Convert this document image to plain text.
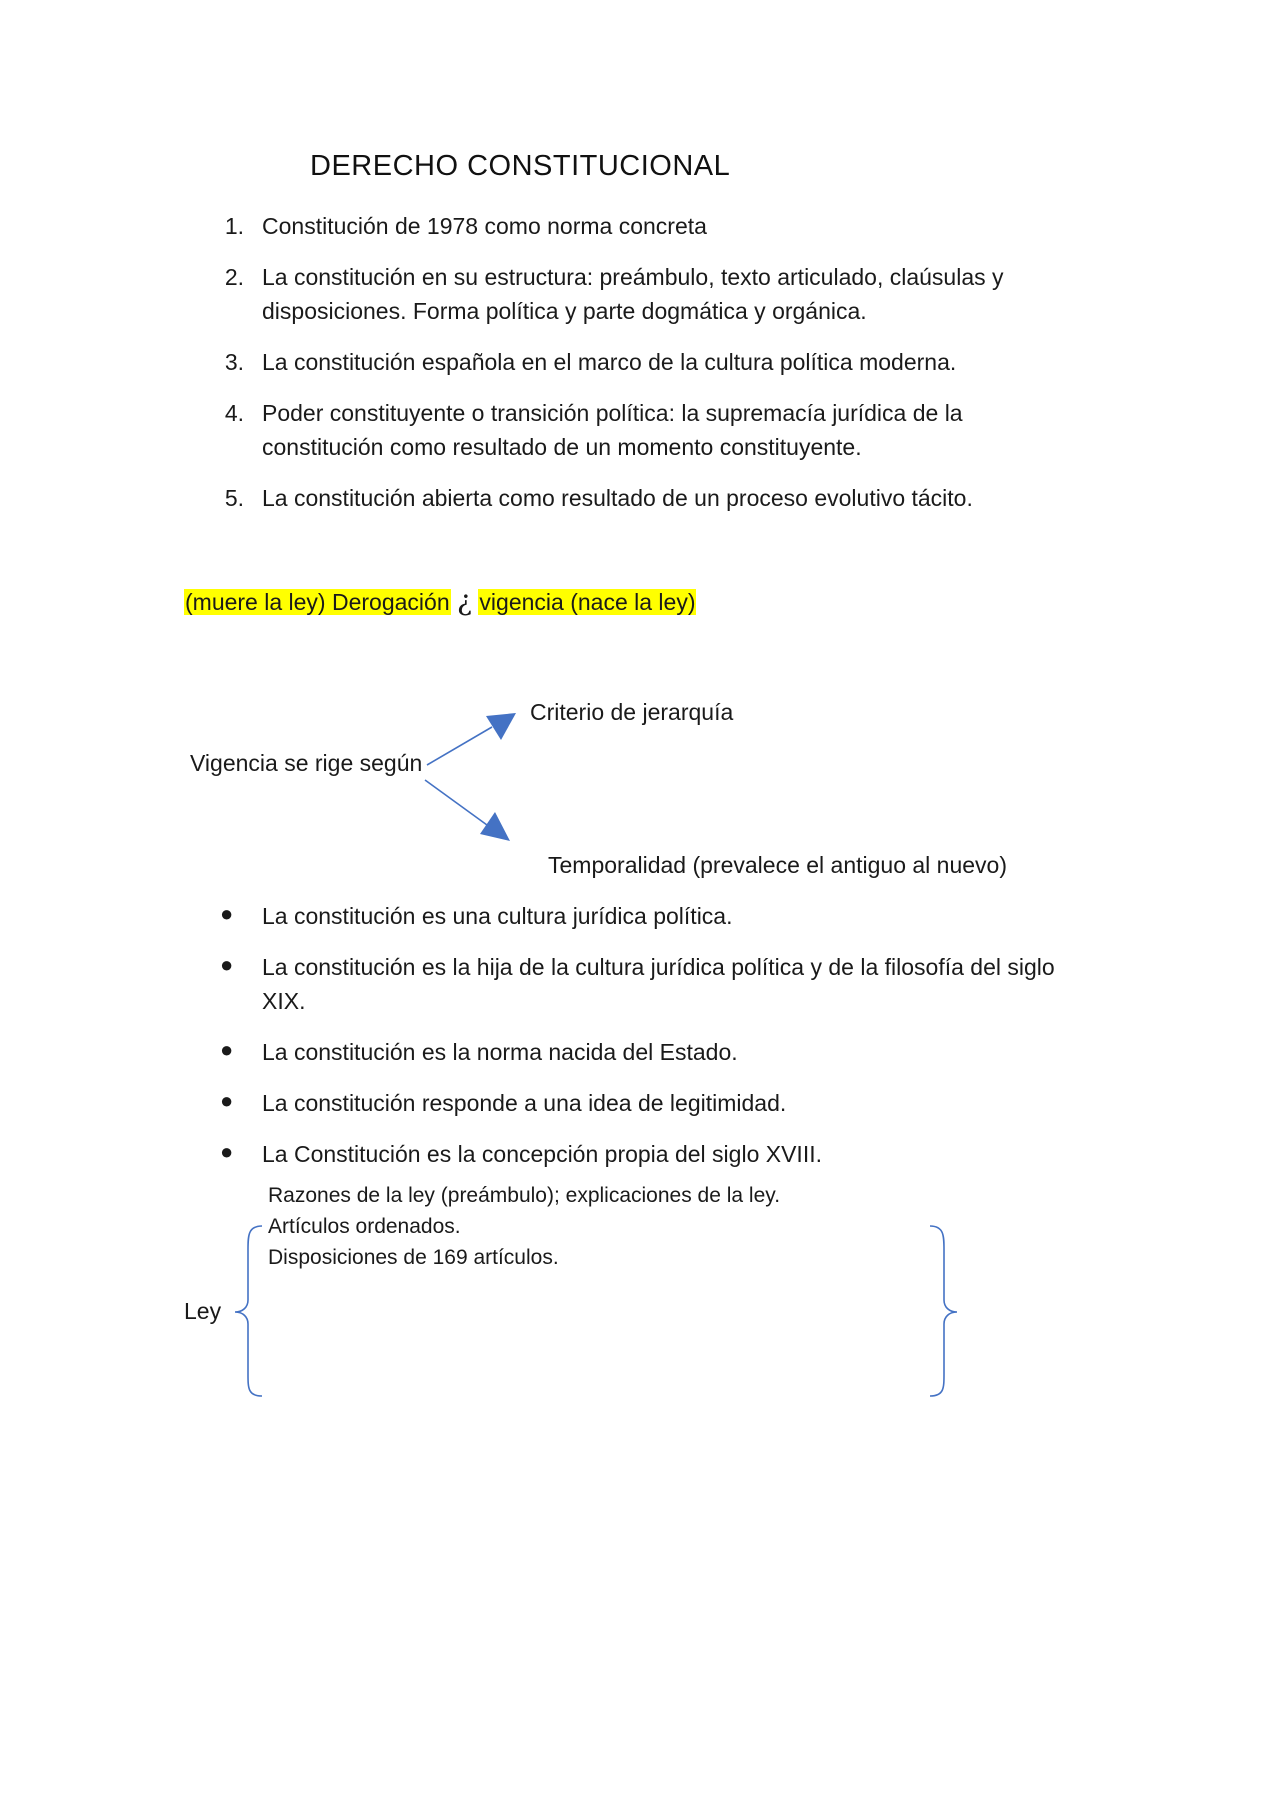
DERECHO CONSTITUCIONAL
1. Constitución de 1978 como norma concreta
2. La constitución en su estructura: preámbulo, texto articulado, claúsulas y
disposiciones. Forma política y parte dogmática y orgánica.
3. La constitución española en el marco de la cultura política moderna.
4. Poder constituyente o transición política: la supremacía jurídica de la
constitución como resultado de un momento constituyente.
5. La constitución abierta como resultado de un proceso evolutivo tácito.
(muere la ley) Derogación ¿ vigencia (nace la ley)
Vigencia se rige según
Criterio de jerarquía
Temporalidad (prevalece el antiguo al nuevo)
● La constitución es una cultura jurídica política.
● La constitución es la hija de la cultura jurídica política y de la filosofía del siglo
XIX.
● La constitución es la norma nacida del Estado.
● La constitución responde a una idea de legitimidad.
● La Constitución es la concepción propia del siglo XVIII.
Ley
Razones de la ley (preámbulo); explicaciones de la ley.
Artículos ordenados.
Disposiciones de 169 artículos.
